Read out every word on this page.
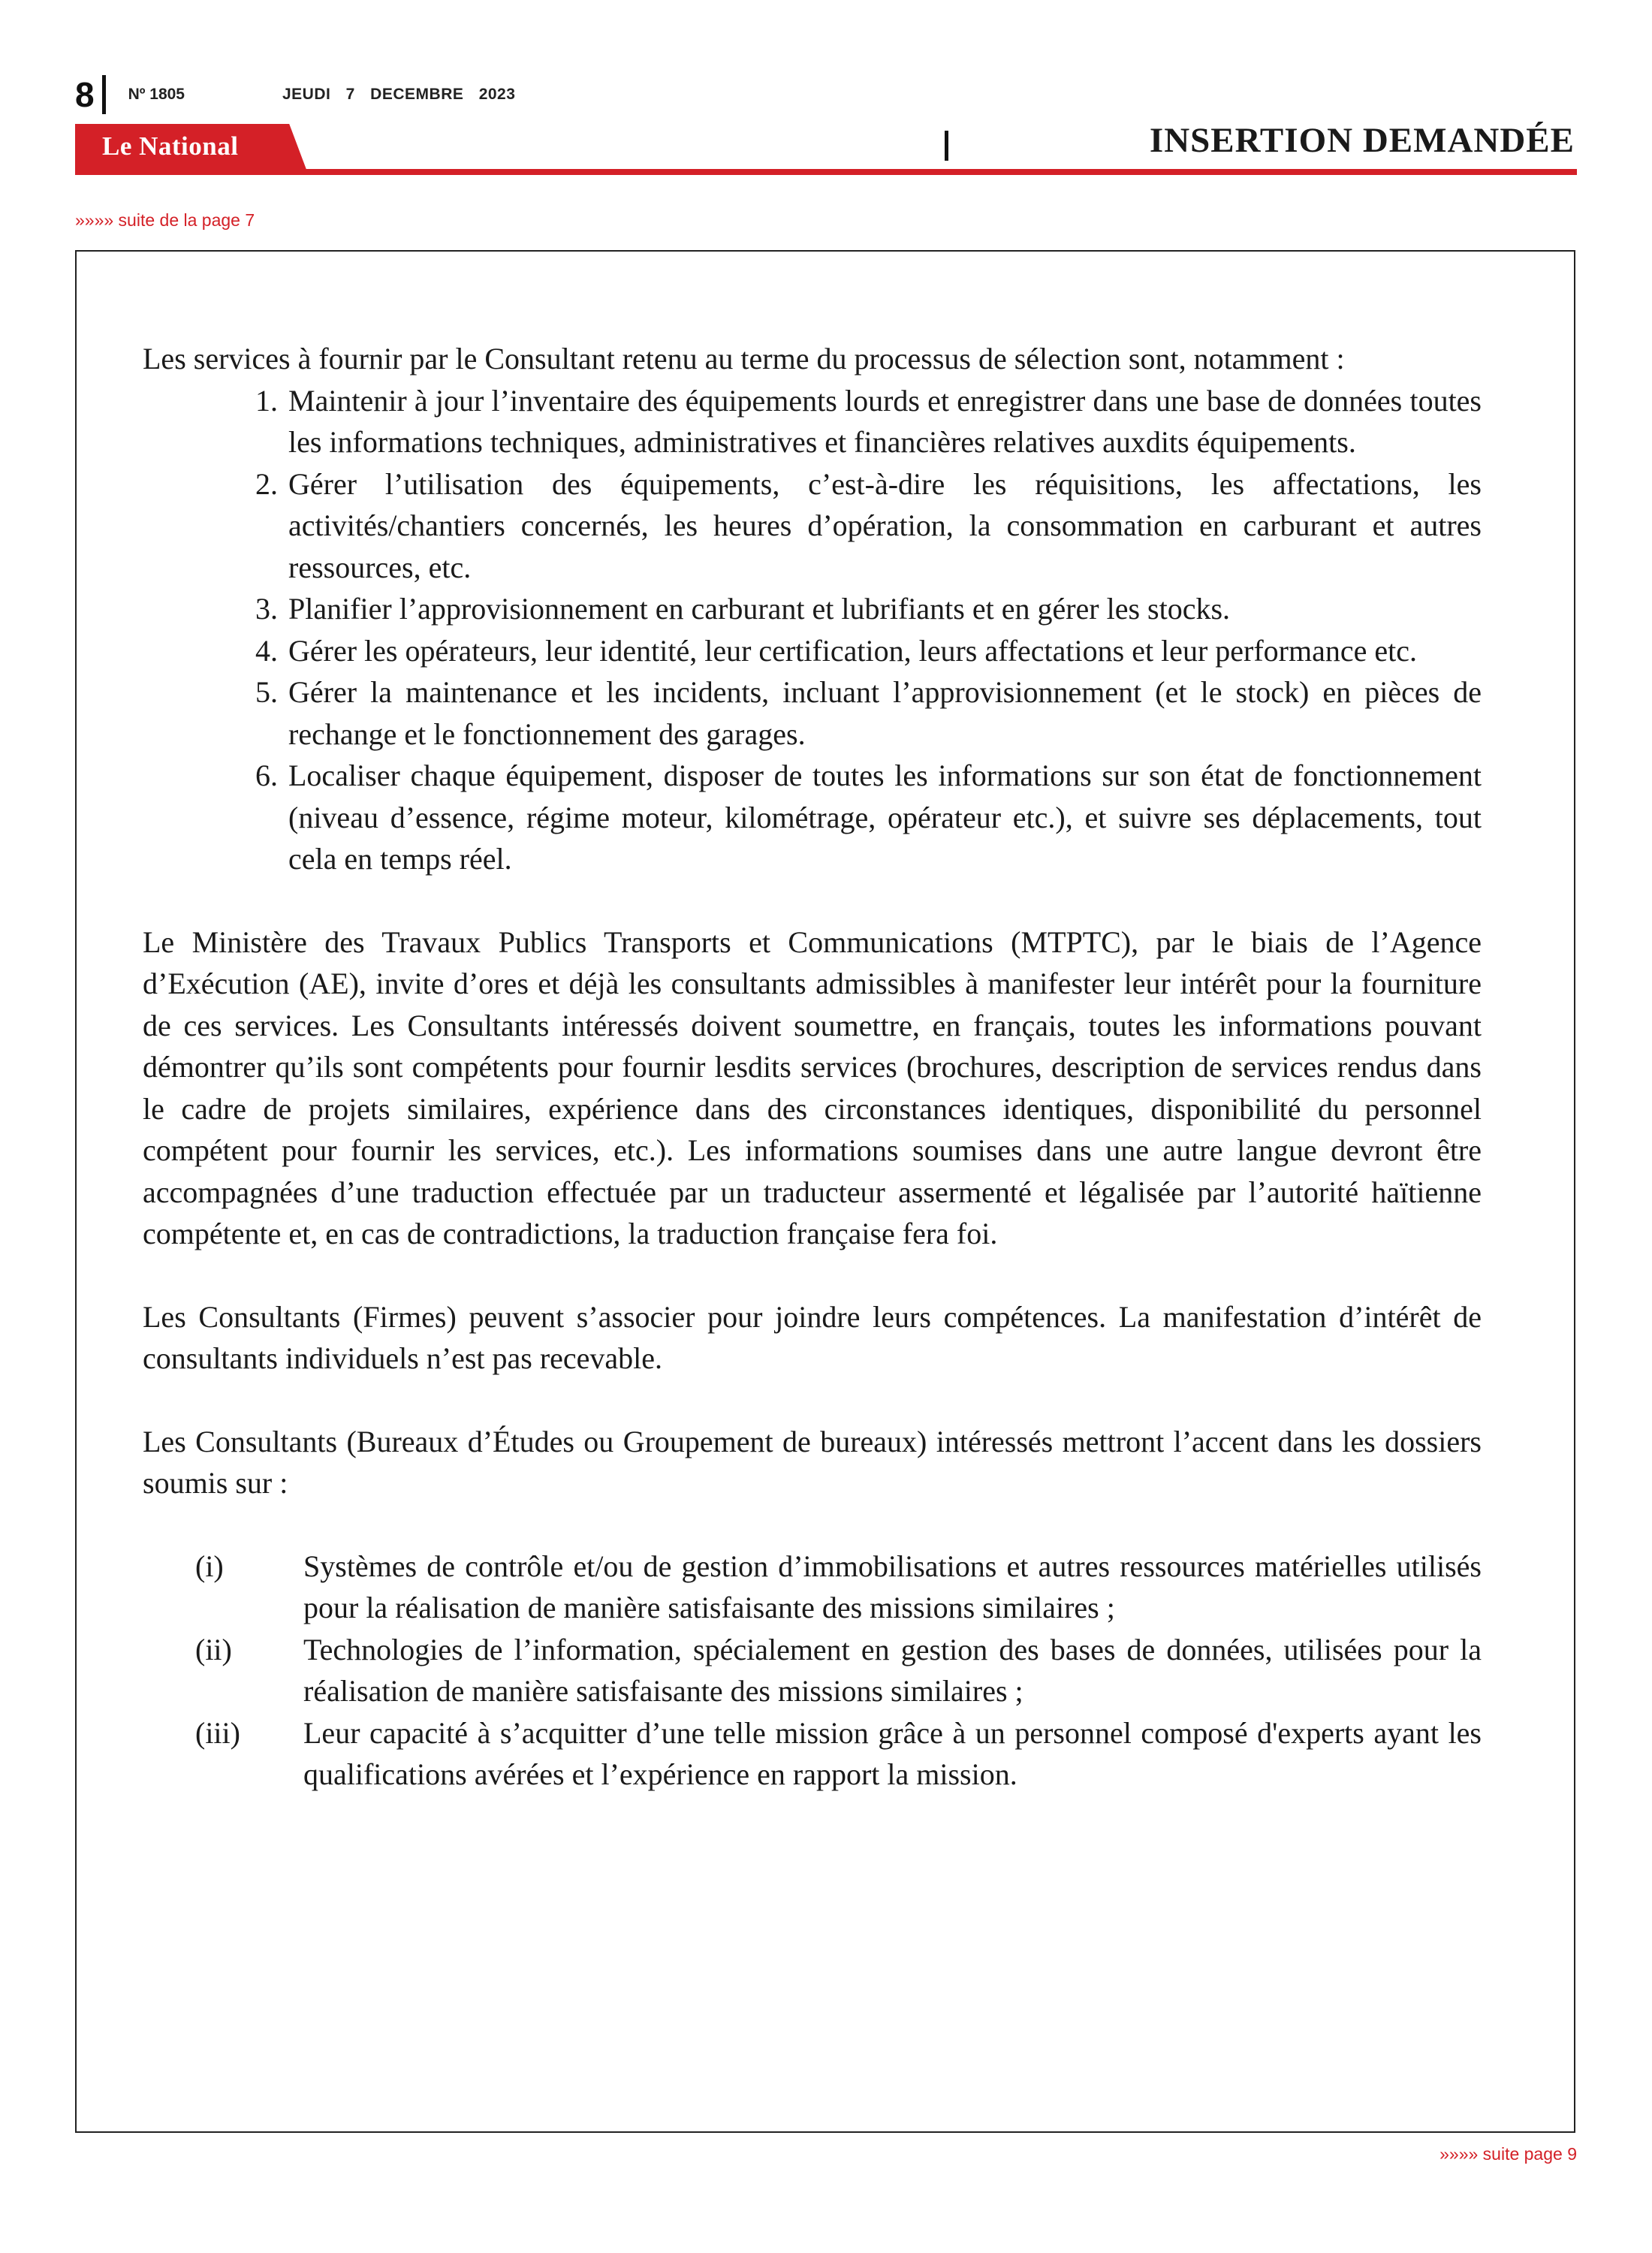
8 Nº 1805	JEUDI 7 DECEMBRE 2023
Le National	INSERTION DEMANDÉE
»»»» suite de la page 7

Les services à fournir par le Consultant retenu au terme du processus de sélection sont, notamment :

1. Maintenir à jour l’inventaire des équipements lourds et enregistrer dans une base de données toutes les informations techniques, administratives et financières relatives auxdits équipements.
2. Gérer l’utilisation des équipements, c’est-à-dire les réquisitions, les affectations, les activités/chantiers concernés, les heures d’opération, la consommation en carburant et autres ressources, etc.
3. Planifier l’approvisionnement en carburant et lubrifiants et en gérer les stocks.
4. Gérer les opérateurs, leur identité, leur certification, leurs affectations et leur performance etc.
5. Gérer la maintenance et les incidents, incluant l’approvisionnement (et le stock) en pièces de rechange et le fonctionnement des garages.
6. Localiser chaque équipement, disposer de toutes les informations sur son état de fonctionnement (niveau d’essence, régime moteur, kilométrage, opérateur etc.), et suivre ses déplacements, tout cela en temps réel.

Le Ministère des Travaux Publics Transports et Communications (MTPTC), par le biais de l’Agence d’Exécution (AE), invite d’ores et déjà les consultants admissibles à manifester leur intérêt pour la fourniture de ces services. Les Consultants intéressés doivent soumettre, en français, toutes les informations pouvant démontrer qu’ils sont compétents pour fournir lesdits services (brochures, description de services rendus dans le cadre de projets similaires, expérience dans des circonstances identiques, disponibilité du personnel compétent pour fournir les services, etc.). Les informations soumises dans une autre langue devront être accompagnées d’une traduction effectuée par un traducteur assermenté et légalisée par l’autorité haïtienne compétente et, en cas de contradictions, la traduction française fera foi.

Les Consultants (Firmes) peuvent s’associer pour joindre leurs compétences. La manifestation d’intérêt de consultants individuels n’est pas recevable.

Les Consultants (Bureaux d’Études ou Groupement de bureaux) intéressés mettront l’accent dans les dossiers soumis sur :

(i)	Systèmes de contrôle et/ou de gestion d’immobilisations et autres ressources matérielles utilisés pour la réalisation de manière satisfaisante des missions similaires ;
(ii)	Technologies de l’information, spécialement en gestion des bases de données, utilisées pour la réalisation de manière satisfaisante des missions similaires ;
(iii)	Leur capacité à s’acquitter d’une telle mission grâce à un personnel composé d'experts ayant les qualifications avérées et l’expérience en rapport la mission.
»»»» suite page 9
